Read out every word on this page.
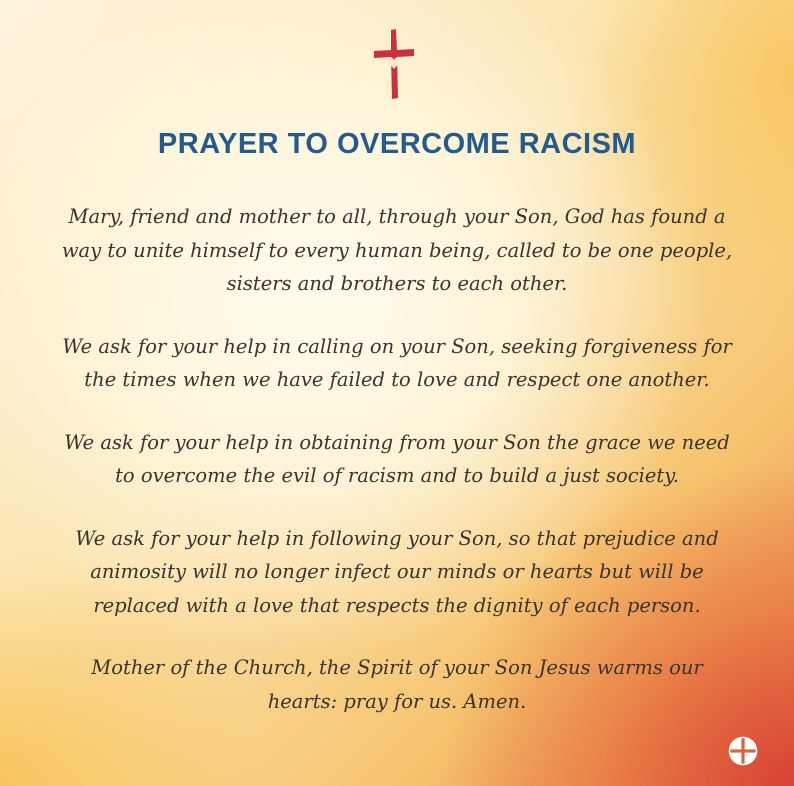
PRAYER TO OVERCOME RACISM

Mary, friend and mother to all, through your Son, God has found a
way to unite himself to every human being, called to be one people,
sisters and brothers to each other.

We ask for your help in calling on your Son, seeking forgiveness for
the times when we have failed to love and respect one another.

We ask for your help in obtaining from your Son the grace we need
to overcome the evil of racism and to build a just society.

We ask for your help in following your Son, so that prejudice and
animosity will no longer infect our minds or hearts but will be
replaced with a love that respects the dignity of each person.

Mother of the Church, the Spirit of your Son Jesus warms our
hearts: pray for us. Amen.
